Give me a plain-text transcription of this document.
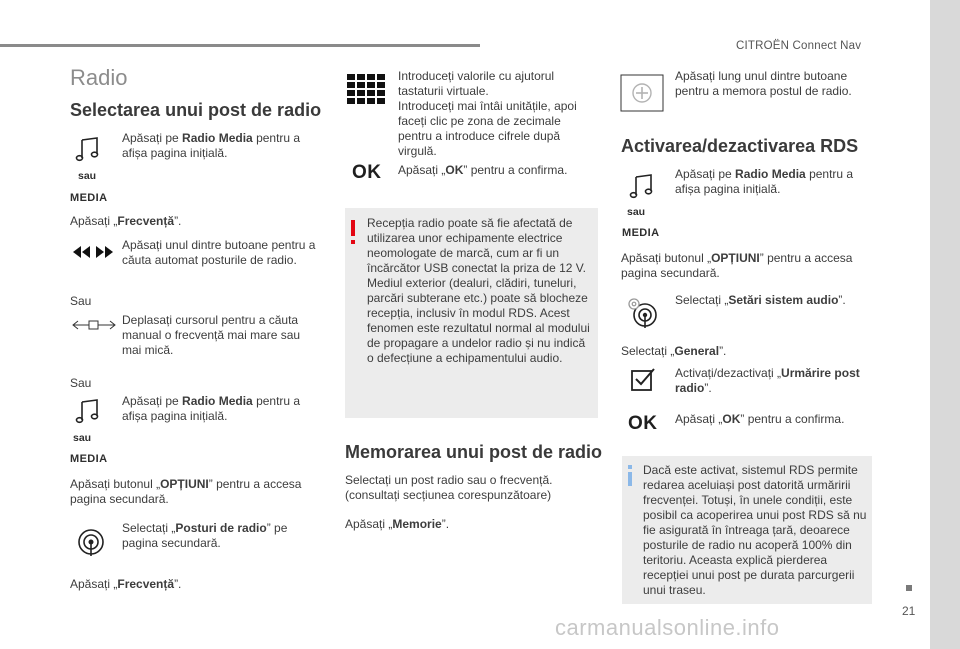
CITROËN Connect Nav
21
Radio
Selectarea unui post de radio
sau
MEDIA
Apăsați pe Radio Media pentru a afișa pagina inițială.
Apăsați „Frecvență”.
Apăsați unul dintre butoane pentru a căuta automat posturile de radio.
Sau
Deplasați cursorul pentru a căuta manual o frecvență mai mare sau mai mică.
Sau
sau
MEDIA
Apăsați pe Radio Media pentru a afișa pagina inițială.
Apăsați butonul „OPȚIUNI” pentru a accesa pagina secundară.
Selectați „Posturi de radio” pe pagina secundară.
Apăsați „Frecvență”.
Introduceți valorile cu ajutorul tastaturii virtuale.
Introduceți mai întâi unitățile, apoi faceți clic pe zona de zecimale pentru a introduce cifrele după virgulă.
OK Apăsați „OK” pentru a confirma.
Recepția radio poate să fie afectată de utilizarea unor echipamente electrice neomologate de marcă, cum ar fi un încărcător USB conectat la priza de 12 V.
Mediul exterior (dealuri, clădiri, tuneluri, parcări subterane etc.) poate să blocheze recepția, inclusiv în modul RDS. Acest fenomen este rezultatul normal al modului de propagare a undelor radio și nu indică o defecțiune a echipamentului audio.
Memorarea unui post de radio
Selectați un post radio sau o frecvență.
(consultați secțiunea corespunzătoare)
Apăsați „Memorie”.
Apăsați lung unul dintre butoane pentru a memora postul de radio.
Activarea/dezactivarea RDS
sau
MEDIA
Apăsați pe Radio Media pentru a afișa pagina inițială.
Apăsați butonul „OPȚIUNI” pentru a accesa pagina secundară.
Selectați „Setări sistem audio”.
Selectați „General”.
Activați/dezactivați „Urmărire post radio”.
OK Apăsați „OK” pentru a confirma.
Dacă este activat, sistemul RDS permite redarea aceluiași post datorită urmăririi frecvenței. Totuși, în unele condiții, este posibil ca acoperirea unui post RDS să nu fie asigurată în întreaga țară, deoarece posturile de radio nu acoperă 100% din teritoriu. Aceasta explică pierderea recepției unui post pe durata parcurgerii unui traseu.
carmanualsonline.info
